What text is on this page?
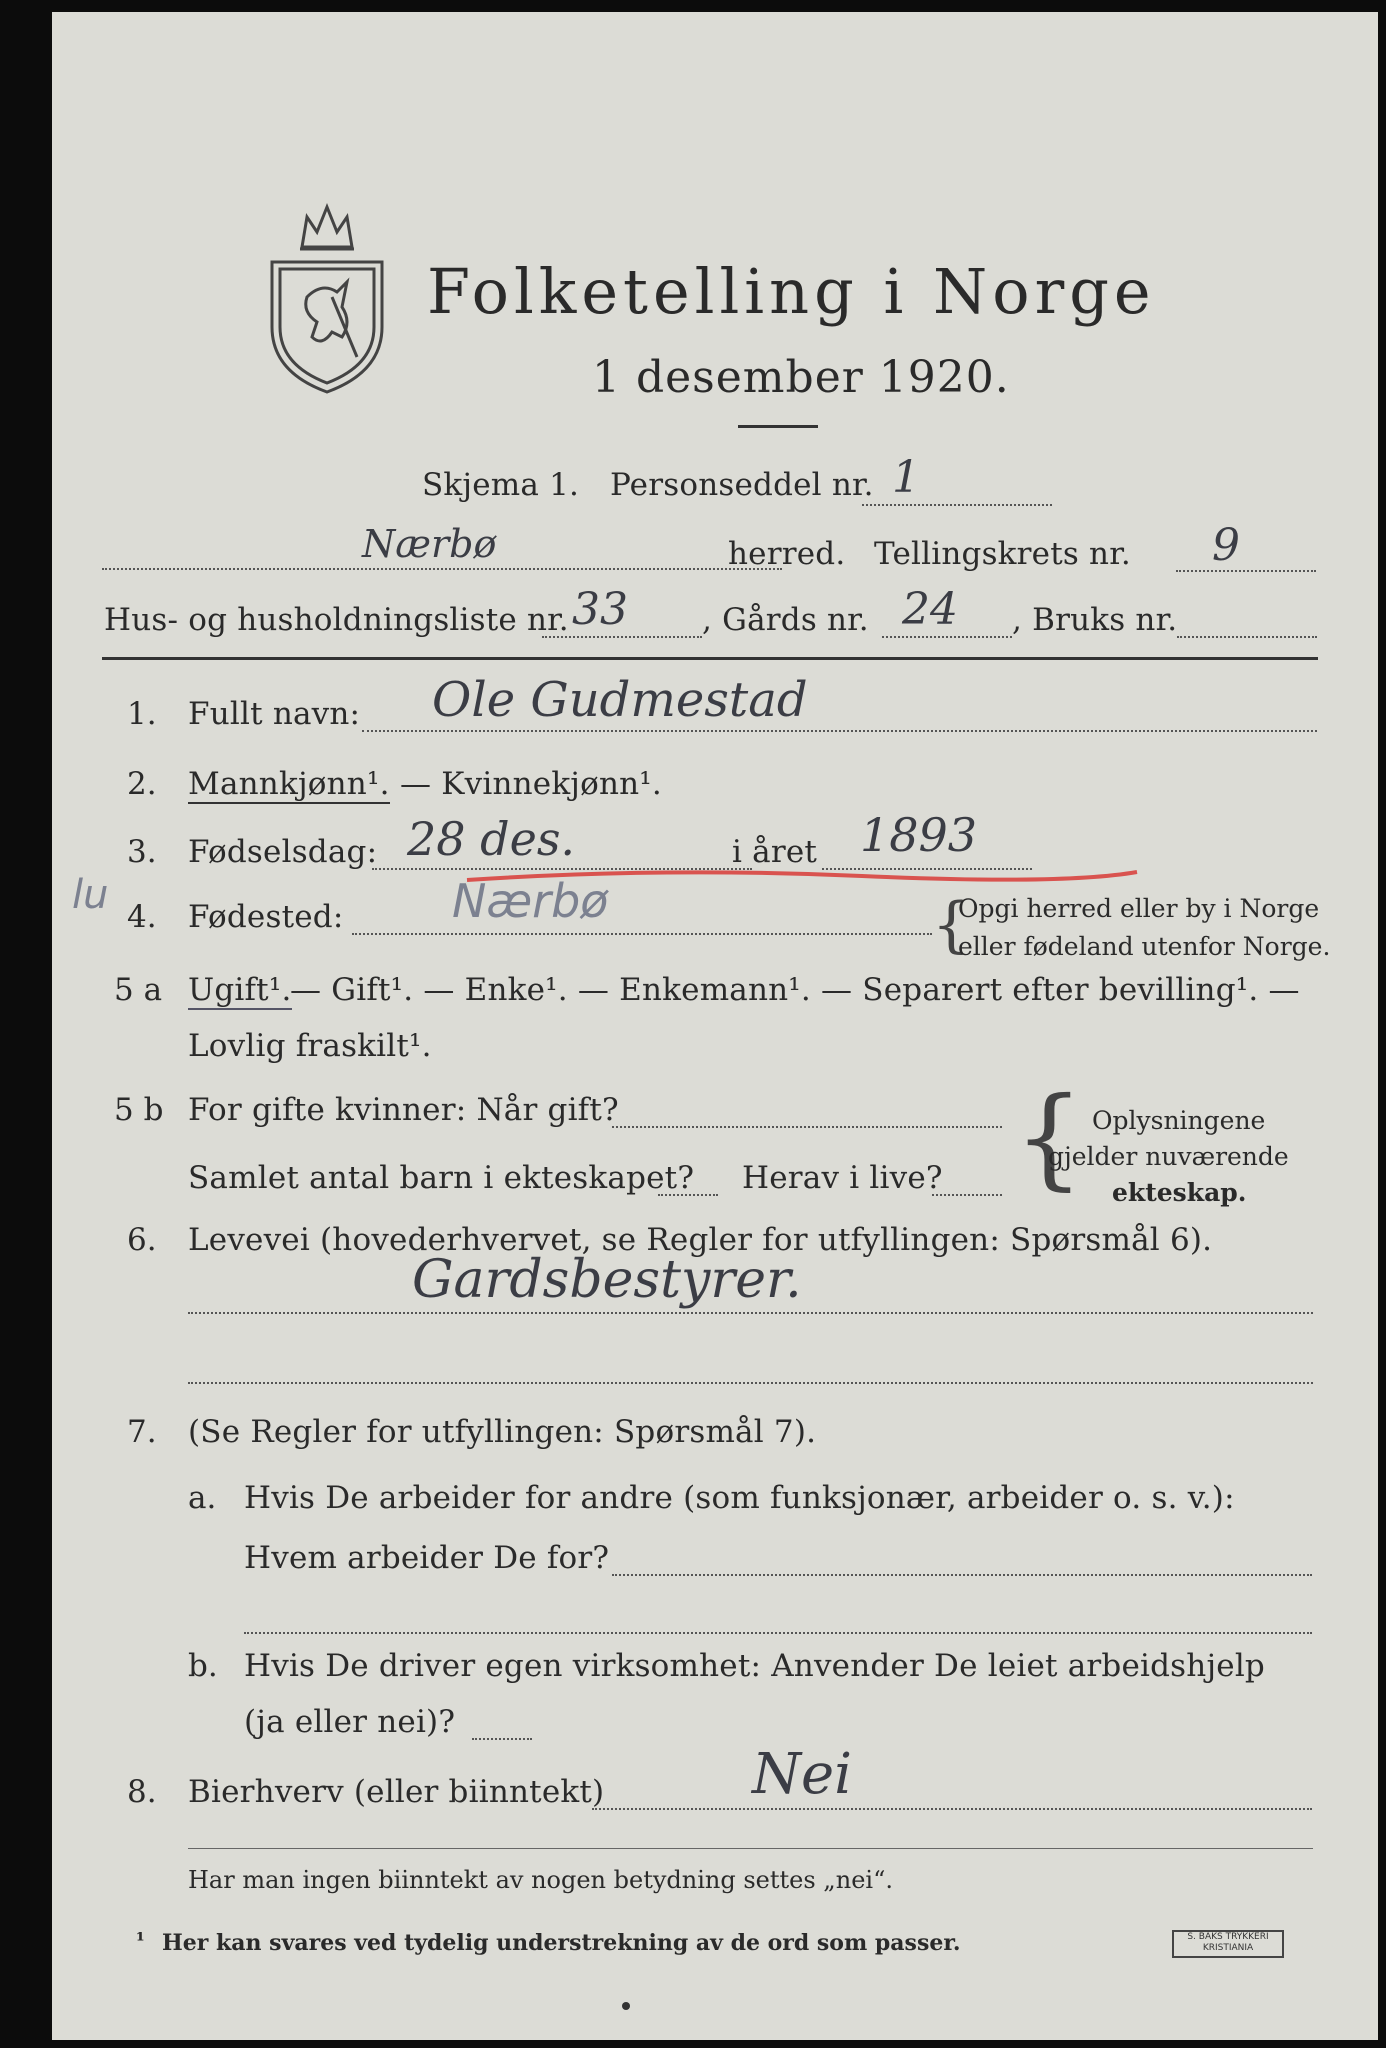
Folketelling i Norge
1 desember 1920.
Skjema 1. Personseddel nr. 1
Nærbø	herred. Tellingskrets nr. 9
Hus- og husholdningsliste nr. 33 , Gårds nr. 24 , Bruks nr.
1. Fullt navn: Ole Gudmestad
2. Mannkjønn¹. — Kvinnekjønn¹.
3. Fødselsdag: 28 des.	i året 1893
lu 4. Fødested: Nærbø	{
Opgi herred eller by i Norge
eller fødeland utenfor Norge.
5 a Ugift¹.
— Gift¹. — Enke¹. — Enkemann¹. — Separert efter bevilling¹. —
Lovlig fraskilt¹.
5 b For gifte kvinner: Når gift?
Samlet antal barn i ekteskapet? Herav i live? { Oplysningene
gjelder nuværende
ekteskap.
6. Levevei (hovederhvervet, se Regler for utfyllingen: Spørsmål 6).
Gardsbestyrer.
7. (Se Regler for utfyllingen: Spørsmål 7).
a. Hvis De arbeider for andre (som funksjonær, arbeider o. s. v.):
Hvem arbeider De for?
b. Hvis De driver egen virksomhet: Anvender De leiet arbeidshjelp
(ja eller nei)?
8. Bierhverv (eller biinntekt)	Nei
Har man ingen biinntekt av nogen betydning settes „nei“.
¹ Her kan svares ved tydelig understrekning av de ord som passer.	S. BAKS TRYKKERI
KRISTIANIA
